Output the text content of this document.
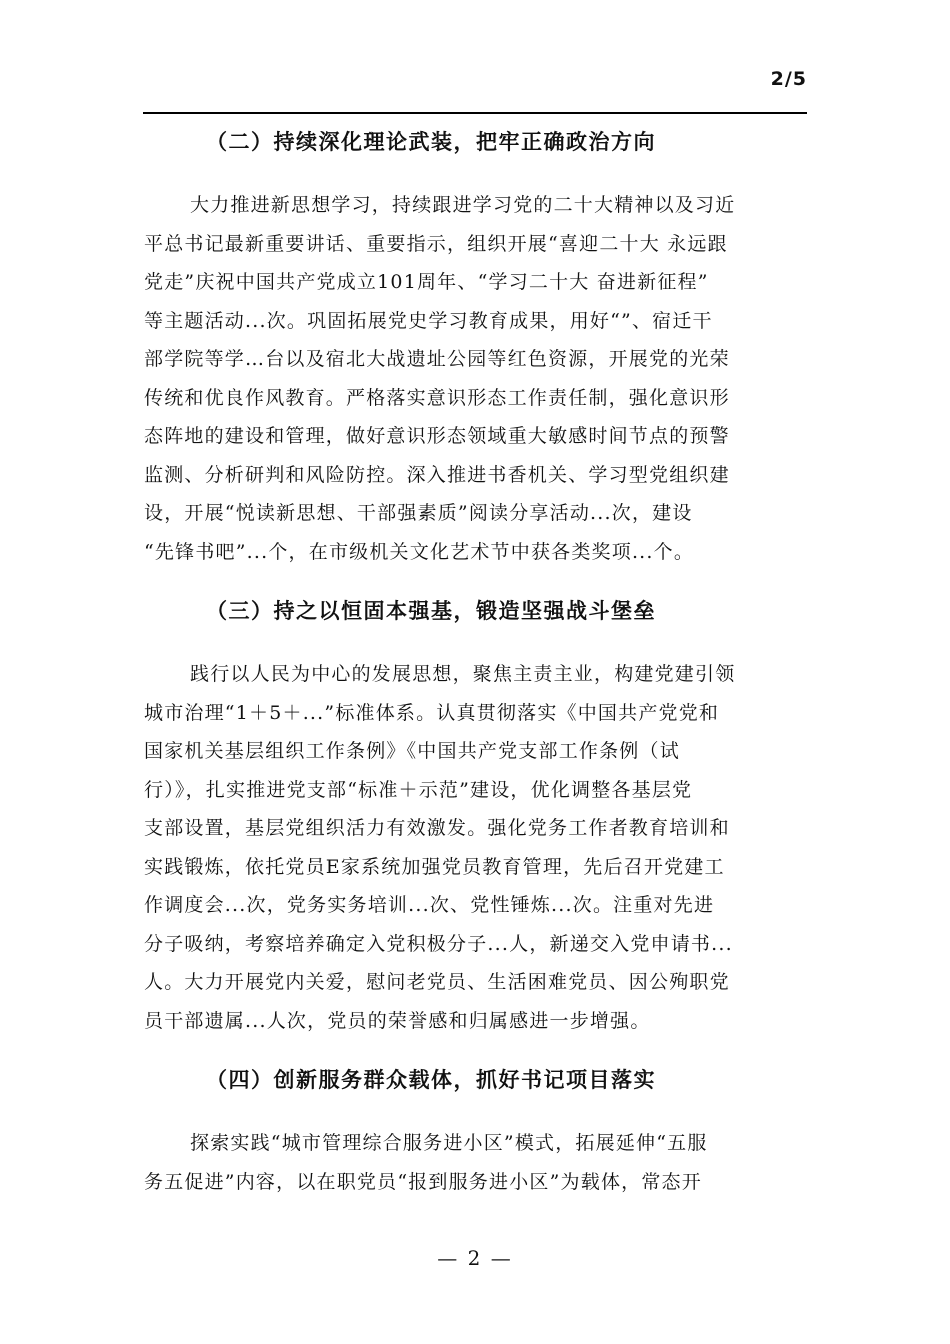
2/5
（二）持续深化理论武装，把牢正确政治方向
大力推进新思想学习，持续跟进学习党的二十大精神以及习近
平总书记最新重要讲话、重要指示，组织开展“喜迎二十大 永远跟
党走”庆祝中国共产党成立101周年、“学习二十大 奋进新征程”
等主题活动...次。巩固拓展党史学习教育成果，用好“”、宿迁干
部学院等学…台以及宿北大战遗址公园等红色资源，开展党的光荣
传统和优良作风教育。严格落实意识形态工作责任制，强化意识形
态阵地的建设和管理，做好意识形态领域重大敏感时间节点的预警
监测、分析研判和风险防控。深入推进书香机关、学习型党组织建
设，开展“悦读新思想、干部强素质”阅读分享活动...次，建设
“先锋书吧”...个，在市级机关文化艺术节中获各类奖项...个。
（三）持之以恒固本强基，锻造坚强战斗堡垒
践行以人民为中心的发展思想，聚焦主责主业，构建党建引领
城市治理“1＋5＋...”标准体系。认真贯彻落实《中国共产党党和
国家机关基层组织工作条例》《中国共产党支部工作条例（试
行）》，扎实推进党支部“标准＋示范”建设，优化调整各基层党
支部设置，基层党组织活力有效激发。强化党务工作者教育培训和
实践锻炼，依托党员E家系统加强党员教育管理，先后召开党建工
作调度会...次，党务实务培训...次、党性锤炼...次。注重对先进
分子吸纳，考察培养确定入党积极分子...人，新递交入党申请书...
人。大力开展党内关爱，慰问老党员、生活困难党员、因公殉职党
员干部遗属...人次，党员的荣誉感和归属感进一步增强。
（四）创新服务群众载体，抓好书记项目落实
探索实践“城市管理综合服务进小区”模式，拓展延伸“五服
务五促进”内容，以在职党员“报到服务进小区”为载体，常态开
— 2 —
